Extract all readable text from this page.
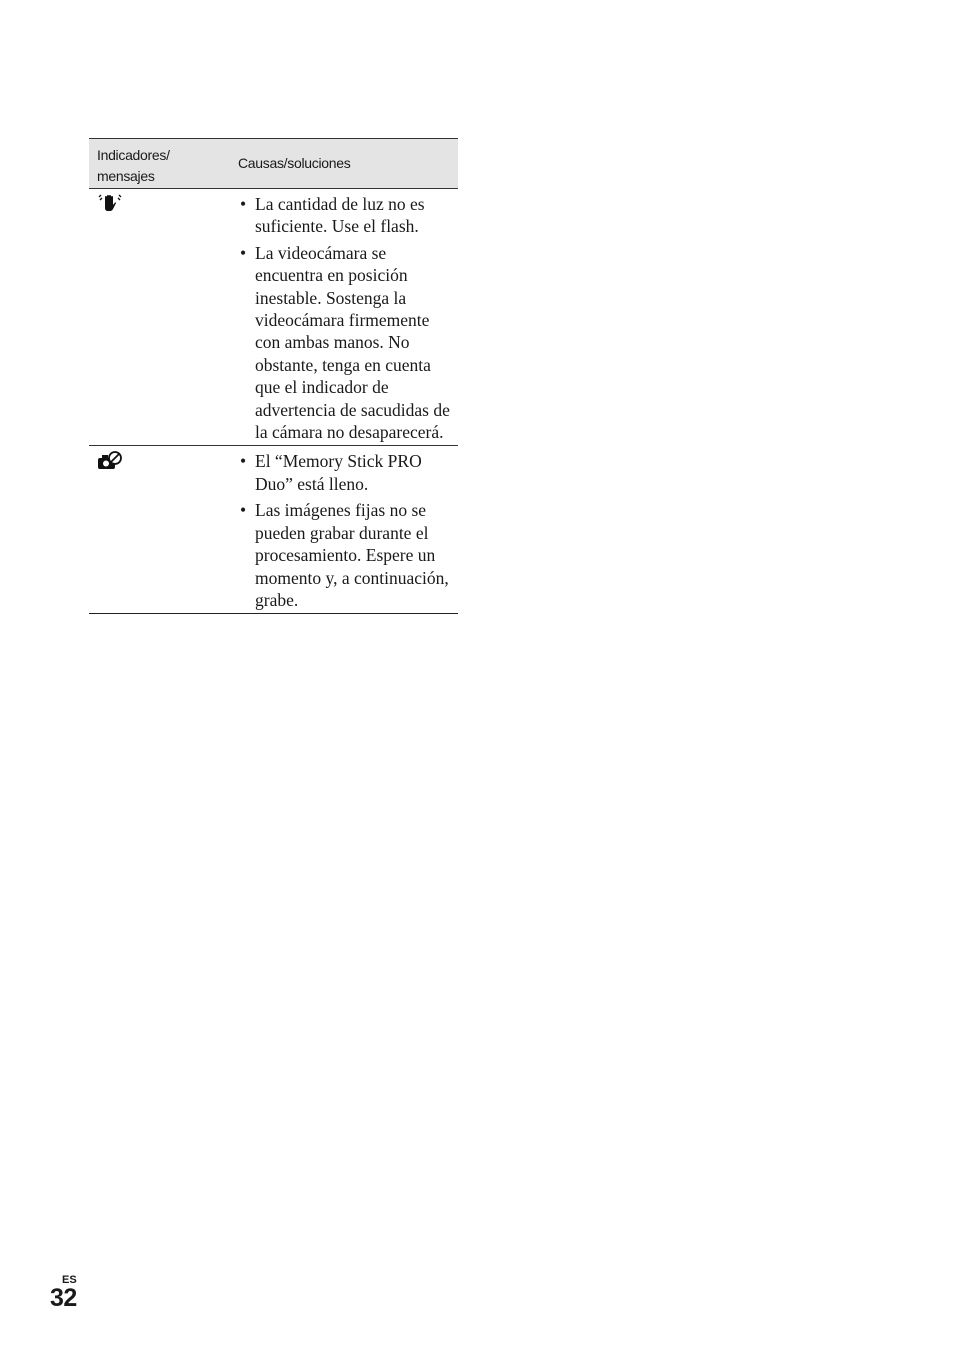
Indicadores/ mensajes
Causas/soluciones
• La cantidad de luz no es suficiente. Use el flash.
• La videocámara se encuentra en posición inestable. Sostenga la videocámara firmemente con ambas manos. No obstante, tenga en cuenta que el indicador de advertencia de sacudidas de la cámara no desaparecerá.
• El “Memory Stick PRO Duo” está lleno.
• Las imágenes fijas no se pueden grabar durante el procesamiento. Espere un momento y, a continuación, grabe.
ES
32
